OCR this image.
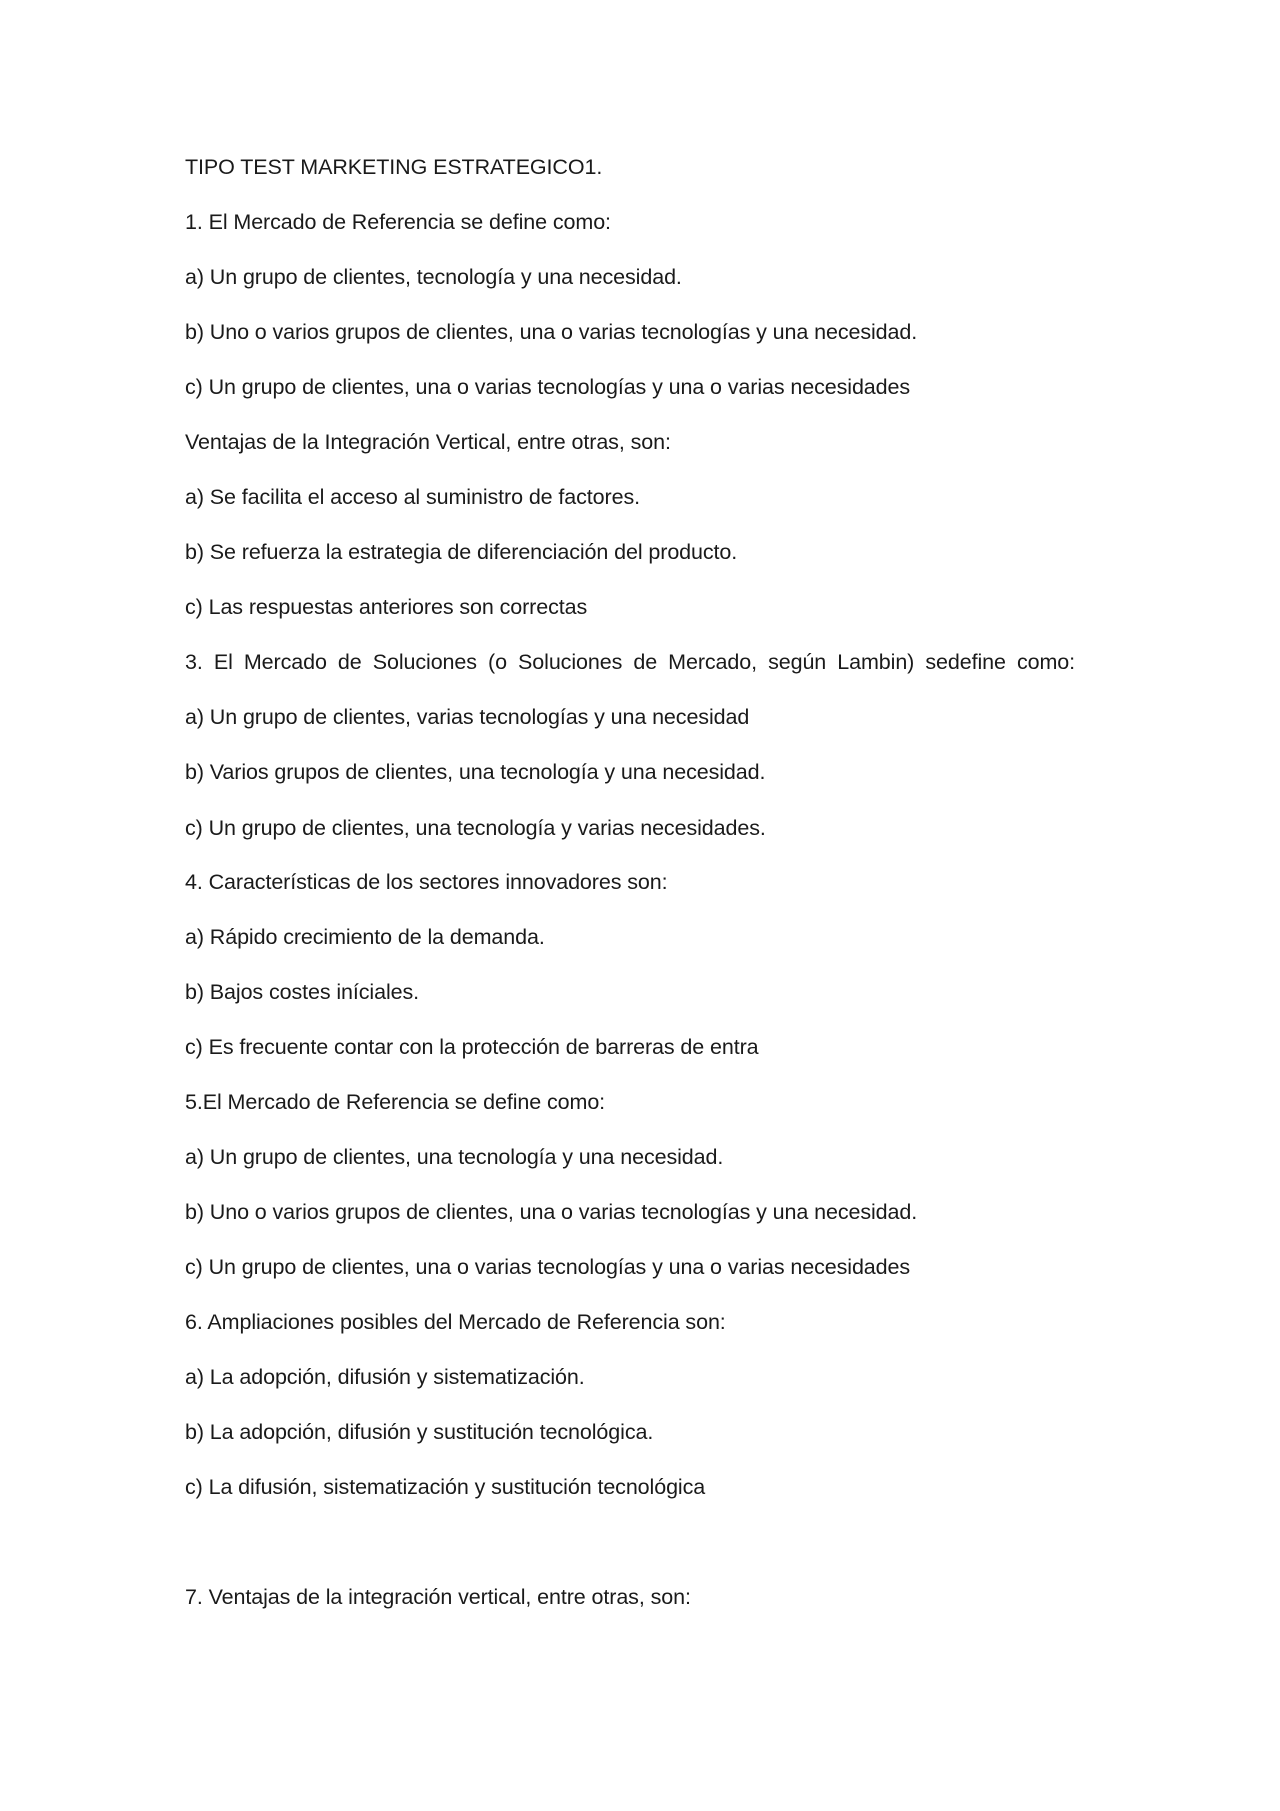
TIPO TEST MARKETING ESTRATEGICO1.
1. El Mercado de Referencia se define como:
a) Un grupo de clientes, tecnología y una necesidad.
b) Uno o varios grupos de clientes, una o varias tecnologías y una necesidad.
c) Un grupo de clientes, una o varias tecnologías y una o varias necesidades
Ventajas de la Integración Vertical, entre otras, son:
a) Se facilita el acceso al suministro de factores.
b) Se refuerza la estrategia de diferenciación del producto.
c) Las respuestas anteriores son correctas
3. El Mercado de Soluciones (o Soluciones de Mercado, según Lambin) sedefine como:
a) Un grupo de clientes, varias tecnologías y una necesidad
b) Varios grupos de clientes, una tecnología y una necesidad.
c) Un grupo de clientes, una tecnología y varias necesidades.
4. Características de los sectores innovadores son:
a) Rápido crecimiento de la demanda.
b) Bajos costes iníciales.
c) Es frecuente contar con la protección de barreras de entra
5.El Mercado de Referencia se define como:
a) Un grupo de clientes, una tecnología y una necesidad.
b) Uno o varios grupos de clientes, una o varias tecnologías y una necesidad.
c) Un grupo de clientes, una o varias tecnologías y una o varias necesidades
6. Ampliaciones posibles del Mercado de Referencia son:
a) La adopción, difusión y sistematización.
b) La adopción, difusión y sustitución tecnológica.
c) La difusión, sistematización y sustitución tecnológica
7. Ventajas de la integración vertical, entre otras, son:
